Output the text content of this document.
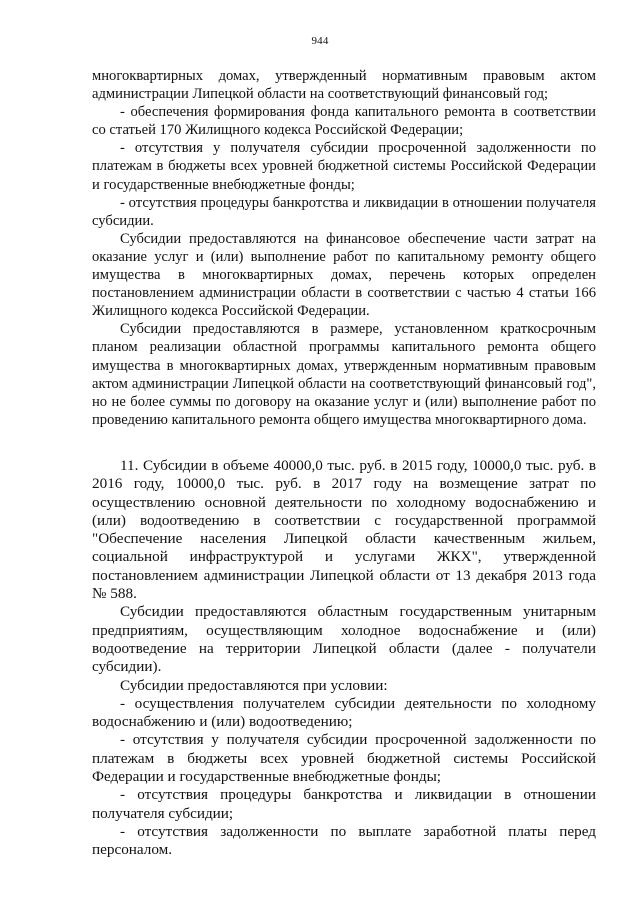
944

многоквартирных домах, утвержденный нормативным правовым актом администрации Липецкой области на соответствующий финансовый год;

- обеспечения формирования фонда капитального ремонта в соответствии со статьей 170 Жилищного кодекса Российской Федерации;

- отсутствия у получателя субсидии просроченной задолженности по платежам в бюджеты всех уровней бюджетной системы Российской Федерации и государственные внебюджетные фонды;

- отсутствия процедуры банкротства и ликвидации в отношении получателя субсидии.

Субсидии предоставляются на финансовое обеспечение части затрат на оказание услуг и (или) выполнение работ по капитальному ремонту общего имущества в многоквартирных домах, перечень которых определен постановлением администрации области в соответствии с частью 4 статьи 166 Жилищного кодекса Российской Федерации.

Субсидии предоставляются в размере, установленном краткосрочным планом реализации областной программы капитального ремонта общего имущества в многоквартирных домах, утвержденным нормативным правовым актом администрации Липецкой области на соответствующий финансовый год", но не более суммы по договору на оказание услуг и (или) выполнение работ по проведению капитального ремонта общего имущества многоквартирного дома.

11. Субсидии в объеме 40000,0 тыс. руб. в 2015 году, 10000,0 тыс. руб. в 2016 году, 10000,0 тыс. руб. в 2017 году на возмещение затрат по осуществлению основной деятельности по холодному водоснабжению и (или) водоотведению в соответствии с государственной программой "Обеспечение населения Липецкой области качественным жильем, социальной инфраструктурой и услугами ЖКХ", утвержденной постановлением администрации Липецкой области от 13 декабря 2013 года № 588.

Субсидии предоставляются областным государственным унитарным предприятиям, осуществляющим холодное водоснабжение и (или) водоотведение на территории Липецкой области (далее - получатели субсидии).

Субсидии предоставляются при условии:

- осуществления получателем субсидии деятельности по холодному водоснабжению и (или) водоотведению;

- отсутствия у получателя субсидии просроченной задолженности по платежам в бюджеты всех уровней бюджетной системы Российской Федерации и государственные внебюджетные фонды;

- отсутствия процедуры банкротства и ликвидации в отношении получателя субсидии;

- отсутствия задолженности по выплате заработной платы перед персоналом.
